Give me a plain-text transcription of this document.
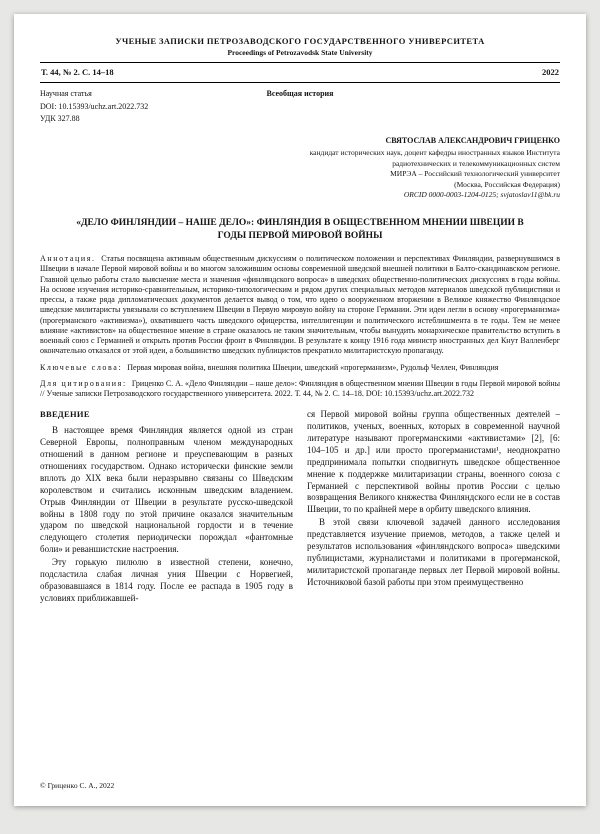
УЧЕНЫЕ ЗАПИСКИ ПЕТРОЗАВОДСКОГО ГОСУДАРСТВЕННОГО УНИВЕРСИТЕТА
Proceedings of Petrozavodsk State University
Т. 44, № 2. С. 14–18	2022
Научная статья	Всеобщая история
DOI: 10.15393/uchz.art.2022.732
УДК 327.88
СВЯТОСЛАВ АЛЕКСАНДРОВИЧ ГРИЦЕНКО
кандидат исторических наук, доцент кафедры иностранных языков Института радиотехнических и телекоммуникационных систем
МИРЭА – Российский технологический университет
(Москва, Российская Федерация)
ORCID 0000-0003-1204-0125; svjatoslav11@bk.ru
«ДЕЛО ФИНЛЯНДИИ – НАШЕ ДЕЛО»: ФИНЛЯНДИЯ В ОБЩЕСТВЕННОМ МНЕНИИ ШВЕЦИИ В ГОДЫ ПЕРВОЙ МИРОВОЙ ВОЙНЫ

Аннотация. Статья посвящена активным общественным дискуссиям о политическом положении и перспективах Финляндии, развернувшимся в Швеции в начале Первой мировой войны и во многом заложившим основы современной шведской внешней политики в Балто-скандинавском регионе. Главной целью работы стало выяснение места и значения «финляндского вопроса» в шведских общественно-политических дискуссиях в годы войны. На основе изучения историко-сравнительным, историко-типологическим и рядом других специальных методов материалов шведской публицистики и прессы, а также ряда дипломатических документов делается вывод о том, что идею о вооруженном вторжении в Великое княжество Финляндское шведские милитаристы увязывали со вступлением Швеции в Первую мировую войну на стороне Германии. Эти идеи легли в основу «прогерманизма» (прогерманского «активизма»), охватившего часть шведского офицерства, интеллигенции и политического истеблишмента в те годы. Тем не менее влияние «активистов» на общественное мнение в стране оказалось не таким значительным, чтобы вынудить монархическое правительство вступить в военный союз с Германией и открыть против России фронт в Финляндии. В результате к концу 1916 года министр иностранных дел Кнут Валленберг окончательно отказался от этой идеи, а большинство шведских публицистов прекратило милитаристскую пропаганду.

Ключевые слова: Первая мировая война, внешняя политика Швеции, шведский «прогерманизм», Рудольф Челлен, Финляндия

Для цитирования: Гриценко С. А. «Дело Финляндии – наше дело»: Финляндия в общественном мнении Швеции в годы Первой мировой войны // Ученые записки Петрозаводского государственного университета. 2022. Т. 44, № 2. С. 14–18. DOI: 10.15393/uchz.art.2022.732

ВВЕДЕНИЕ

В настоящее время Финляндия является одной из стран Северной Европы, полноправным членом международных отношений в данном регионе и преуспевающим в разных отношениях государством. Однако исторически финские земли вплоть до XIX века были неразрывно связаны со Шведским королевством и считались исконным шведским владением. Отрыв Финляндии от Швеции в результате русско-шведской войны в 1808 году по этой причине оказался значительным ударом по шведской национальной гордости и в течение следующего столетия периодически порождал «фантомные боли» и реваншистские настроения.

Эту горькую пилюлю в известной степени, конечно, подсластила слабая личная уния Швеции с Норвегией, образовавшаяся в 1814 году. После ее распада в 1905 году в условиях приближавшей-

ся Первой мировой войны группа общественных деятелей – политиков, ученых, военных, которых в современной научной литературе называют прогерманскими «активистами» [2], [6: 104–105 и др.] или просто прогерманистами¹, неоднократно предпринимала попытки сподвигнуть шведское общественное мнение к поддержке милитаризации страны, военного союза с Германией с перспективой войны против России с целью возвращения Великого княжества Финляндского если не в состав Швеции, то по крайней мере в орбиту шведского влияния.

В этой связи ключевой задачей данного исследования представляется изучение приемов, методов, а также целей и результатов использования «финляндского вопроса» шведскими публицистами, журналистами и политиками в прогерманской, милитаристской пропаганде первых лет Первой мировой войны. Источниковой базой работы при этом преимущественно

© Гриценко С. А., 2022
